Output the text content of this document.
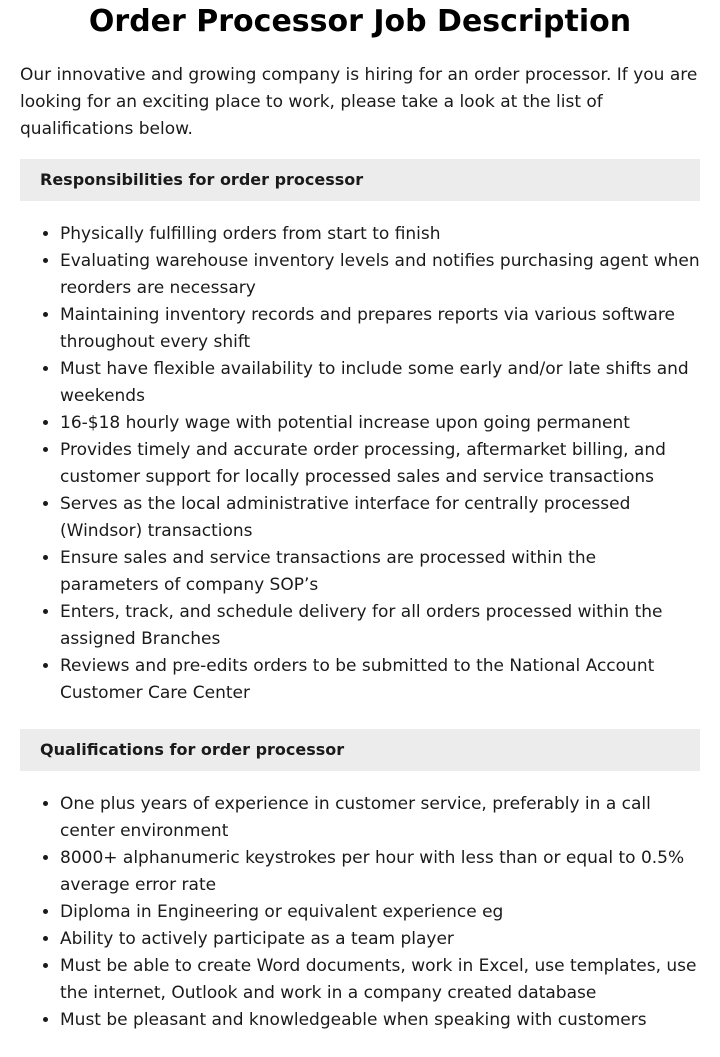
Order Processor Job Description

Our innovative and growing company is hiring for an order processor. If you are looking for an exciting place to work, please take a look at the list of qualifications below.

Responsibilities for order processor
• Physically fulfilling orders from start to finish
• Evaluating warehouse inventory levels and notifies purchasing agent when reorders are necessary
• Maintaining inventory records and prepares reports via various software throughout every shift
• Must have flexible availability to include some early and/or late shifts and weekends
• 16-$18 hourly wage with potential increase upon going permanent
• Provides timely and accurate order processing, aftermarket billing, and customer support for locally processed sales and service transactions
• Serves as the local administrative interface for centrally processed (Windsor) transactions
• Ensure sales and service transactions are processed within the parameters of company SOP’s
• Enters, track, and schedule delivery for all orders processed within the assigned Branches
• Reviews and pre-edits orders to be submitted to the National Account Customer Care Center
Qualifications for order processor
• One plus years of experience in customer service, preferably in a call center environment
• 8000+ alphanumeric keystrokes per hour with less than or equal to 0.5% average error rate
• Diploma in Engineering or equivalent experience eg
• Ability to actively participate as a team player
• Must be able to create Word documents, work in Excel, use templates, use the internet, Outlook and work in a company created database
• Must be pleasant and knowledgeable when speaking with customers
